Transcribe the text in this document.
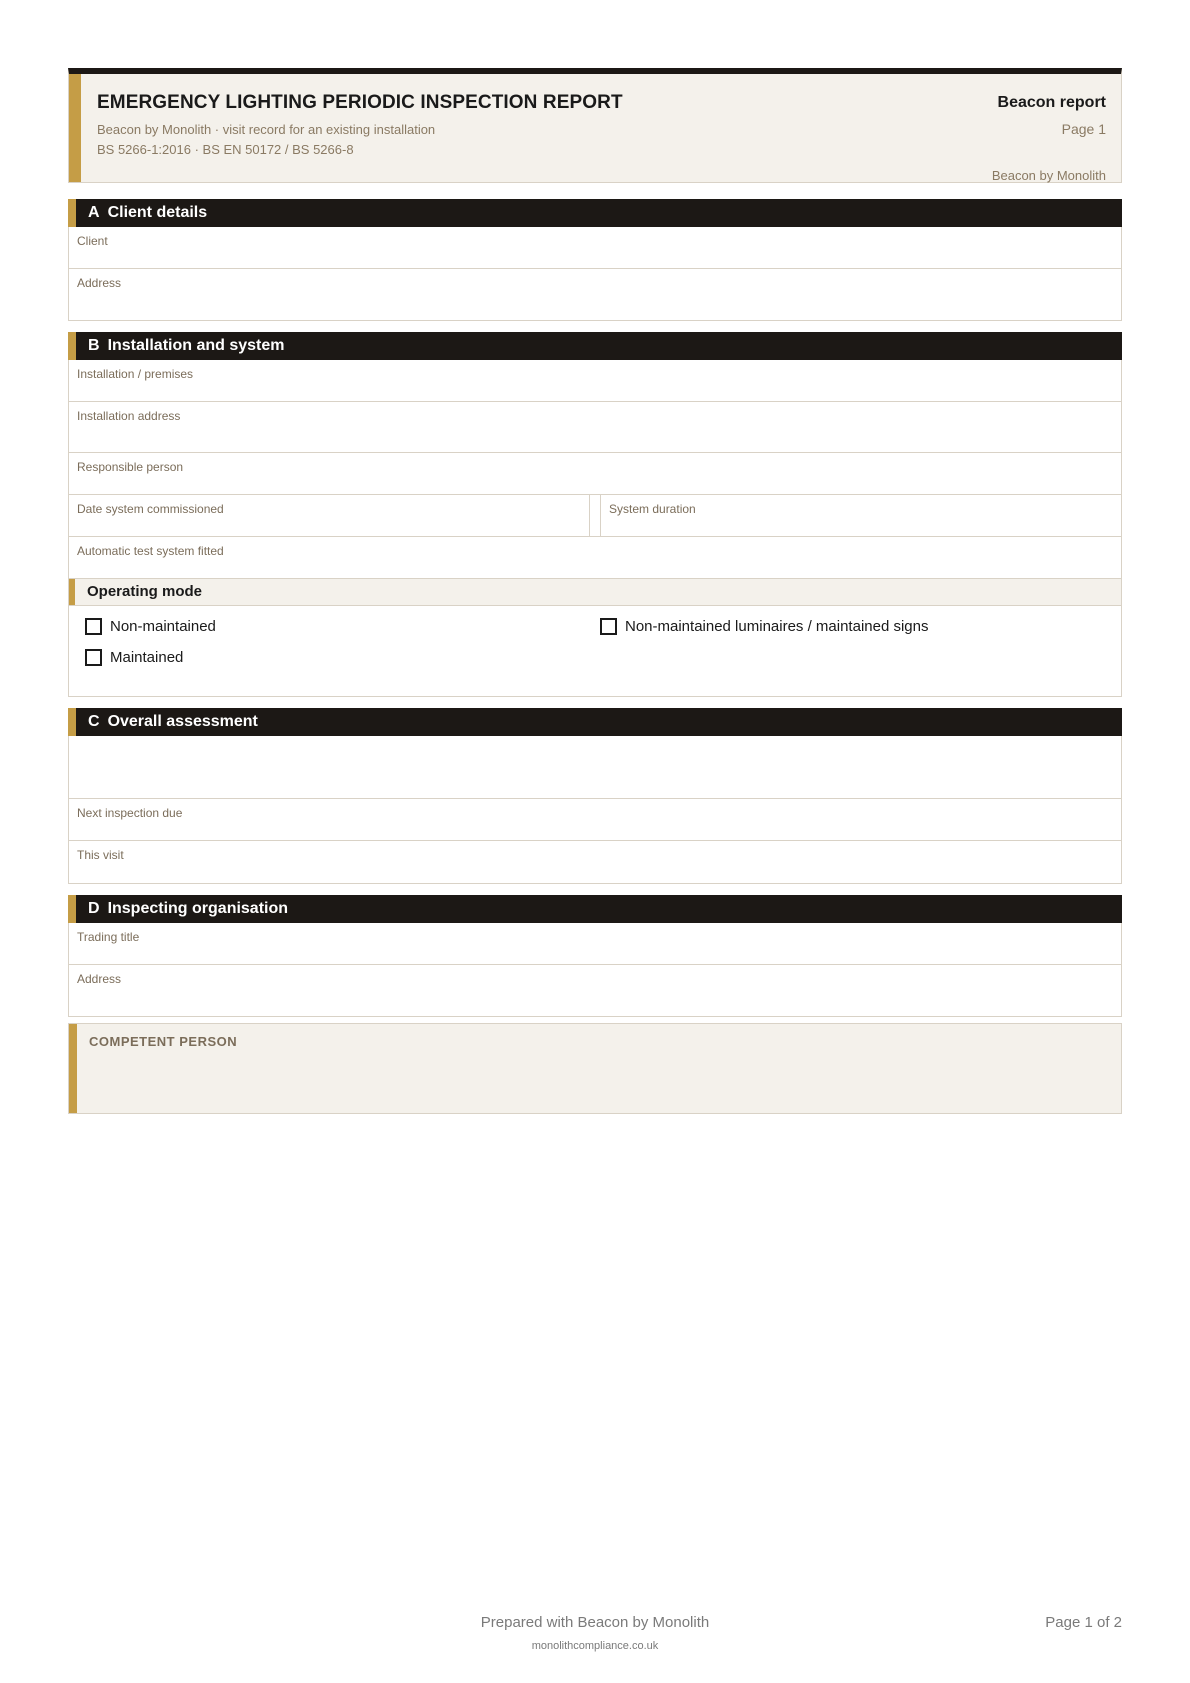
EMERGENCY LIGHTING PERIODIC INSPECTION REPORT
Beacon by Monolith · visit record for an existing installation
BS 5266-1:2016 · BS EN 50172 / BS 5266-8
Beacon report
Page 1
Beacon by Monolith
A Client details
Client
Address
B Installation and system
Installation / premises
Installation address
Responsible person
Date system commissioned	System duration
Automatic test system fitted
Operating mode
Non-maintained
Maintained
Non-maintained luminaires / maintained signs
C Overall assessment
Next inspection due
This visit
D Inspecting organisation
Trading title
Address
COMPETENT PERSON
Prepared with Beacon by Monolith
monolithcompliance.co.uk
Page 1 of 2
